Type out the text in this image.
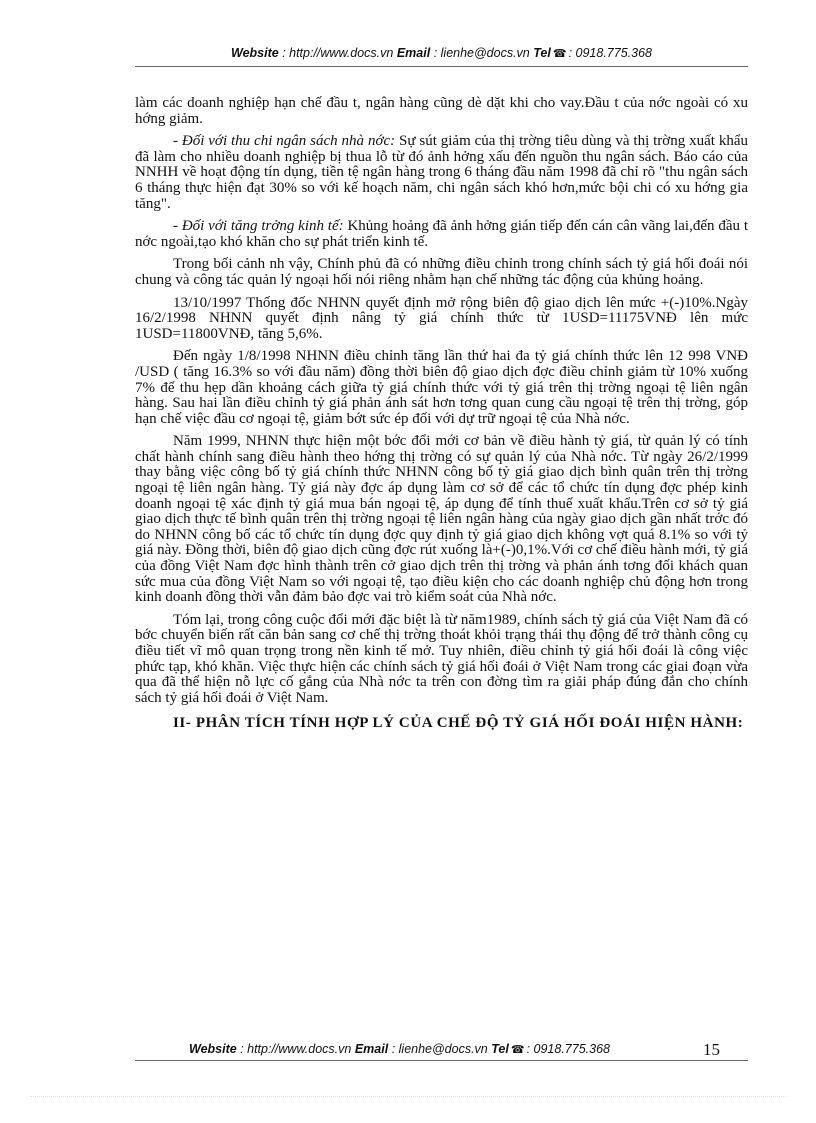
Website : http://www.docs.vn Email : lienhe@docs.vn Tel ☎ : 0918.775.368

làm các doanh nghiệp hạn chế đầu t, ngân hàng cũng dè dặt khi cho vay.Đầu t của nớc ngoài có xu hớng giảm.

- Đối với thu chi ngân sách nhà nớc: Sự sút giảm của thị trờng tiêu dùng và thị trờng xuất khẩu đã làm cho nhiều doanh nghiệp bị thua lỗ từ đó ảnh hởng xấu đến nguồn thu ngân sách. Báo cáo của NNHH về hoạt động tín dụng, tiền tệ ngân hàng trong 6 tháng đầu năm 1998 đã chỉ rõ "thu ngân sách 6 tháng thực hiện đạt 30% so với kế hoạch năm, chi ngân sách khó hơn,mức bội chi có xu hớng gia tăng".

- Đối với tăng trởng kinh tế: Khủng hoảng đã ảnh hởng gián tiếp đến cán cân vãng lai,đến đầu t nớc ngoài,tạo khó khăn cho sự phát triển kinh tế.

Trong bối cảnh nh vậy, Chính phủ đã có những điều chỉnh trong chính sách tỷ giá hối đoái nói chung và công tác quản lý ngoại hối nói riêng nhằm hạn chế những tác động của khủng hoảng.

13/10/1997 Thống đốc NHNN quyết định mở rộng biên độ giao dịch lên mức +(-)10%.Ngày 16/2/1998 NHNN quyết định nâng tỷ giá chính thức từ 1USD=11175VNĐ lên mức 1USD=11800VNĐ, tăng 5,6%.

Đến ngày 1/8/1998 NHNN điều chỉnh tăng lần thứ hai đa tỷ giá chính thức lên 12 998 VNĐ /USD ( tăng 16.3% so với đầu năm) đồng thời biên độ giao dịch đợc điều chỉnh giảm từ 10% xuống 7% để thu hẹp dần khoảng cách giữa tỷ giá chính thức với tỷ giá trên thị trờng ngoại tệ liên ngân hàng. Sau hai lần điều chỉnh tỷ giá phản ánh sát hơn tơng quan cung cầu ngoại tệ trên thị trờng, góp hạn chế việc đầu cơ ngoại tệ, giảm bớt sức ép đối với dự trữ ngoại tệ của Nhà nớc.

Năm 1999, NHNN thực hiện một bớc đổi mới cơ bản về điều hành tỷ giá, từ quản lý có tính chất hành chính sang điều hành theo hớng thị trờng có sự quản lý của Nhà nớc. Từ ngày 26/2/1999 thay bằng việc công bố tỷ giá chính thức NHNN công bố tỷ giá giao dịch bình quân trên thị trờng ngoại tệ liên ngân hàng. Tỷ giá này đợc áp dụng làm cơ sở để các tổ chức tín dụng đợc phép kinh doanh ngoại tệ xác định tỷ giá mua bán ngoại tệ, áp dụng để tính thuế xuất khẩu.Trên cơ sở tỷ giá giao dịch thực tế bình quân trên thị trờng ngoại tệ liên ngân hàng của ngày giao dịch gần nhất trớc đó do NHNN công bố các tổ chức tín dụng đợc quy định tỷ giá giao dịch không vợt quá 8.1% so với tỷ giá này. Đồng thời, biên độ giao dịch cũng đợc rút xuống là+(-)0,1%.Với cơ chế điều hành mới, tỷ giá của đồng Việt Nam đợc hình thành trên cở giao dịch trên thị trờng và phản ánh tơng đối khách quan sức mua của đồng Việt Nam so với ngoại tệ, tạo điều kiện cho các doanh nghiệp chủ động hơn trong kinh doanh đồng thời vẫn đảm bảo đợc vai trò kiểm soát của Nhà nớc.

Tóm lại, trong công cuộc đổi mới đặc biệt là từ năm1989, chính sách tỷ giá của Việt Nam đã có bớc chuyển biến rất căn bản sang cơ chế thị trờng thoát khỏi trạng thái thụ động để trở thành công cụ điều tiết vĩ mô quan trọng trong nền kinh tế mở. Tuy nhiên, điều chỉnh tỷ giá hối đoái là công việc phức tạp, khó khăn. Việc thực hiện các chính sách tỷ giá hối đoái ở Việt Nam trong các giai đoạn vừa qua đã thể hiện nỗ lực cố gắng của Nhà nớc ta trên con đờng tìm ra giải pháp đúng đắn cho chính sách tỷ giá hối đoái ở Việt Nam.

II- PHÂN TÍCH TÍNH HỢP LÝ CỦA CHẾ ĐỘ TỶ GIÁ HỐI ĐOÁI HIỆN HÀNH:

Website : http://www.docs.vn Email : lienhe@docs.vn Tel ☎ : 0918.775.368	15
